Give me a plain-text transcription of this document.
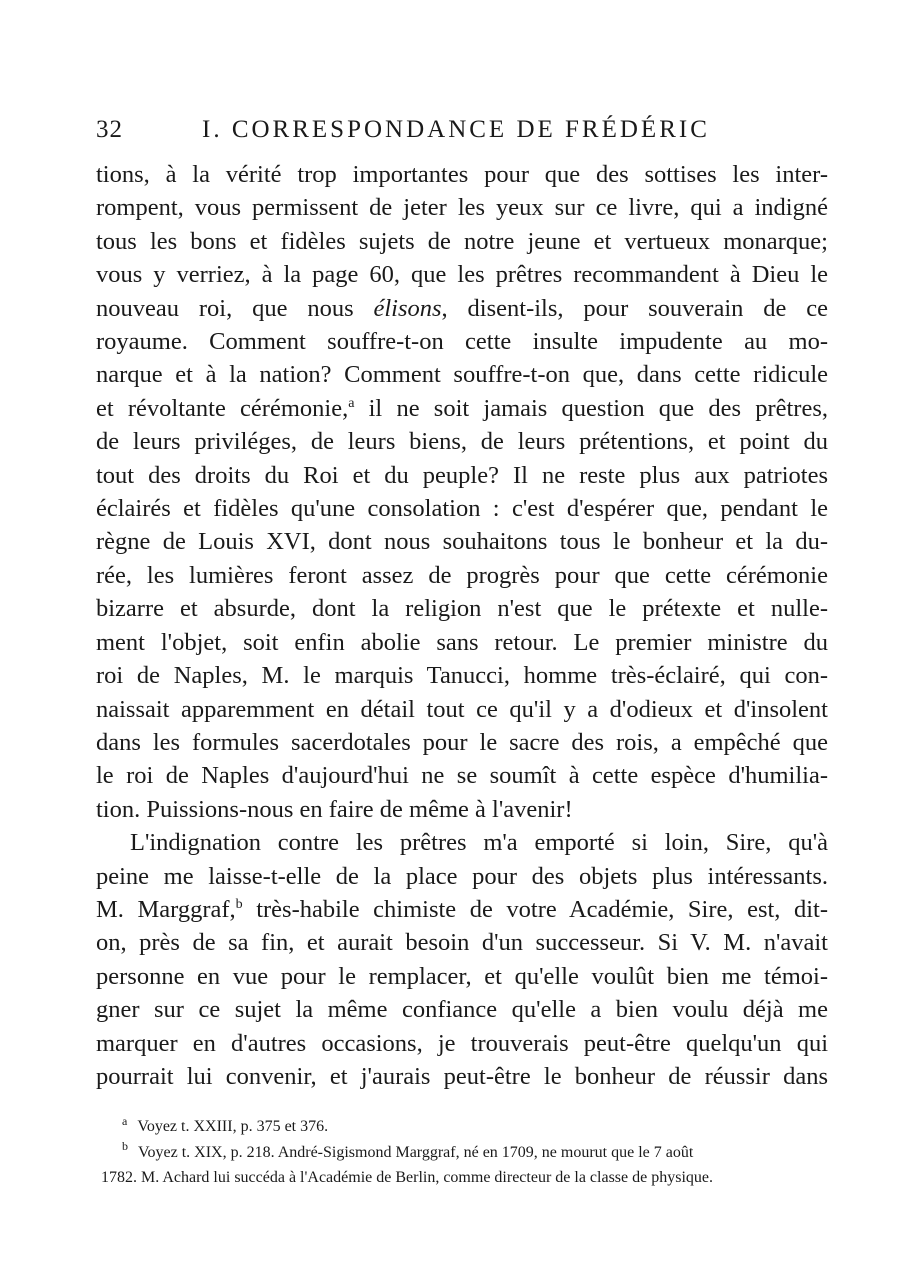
32	I. CORRESPONDANCE DE FRÉDÉRIC

tions, à la vérité trop importantes pour que des sottises les inter-
rompent, vous permissent de jeter les yeux sur ce livre, qui a indigné
tous les bons et fidèles sujets de notre jeune et vertueux monarque;
vous y verriez, à la page 60, que les prêtres recommandent à Dieu le
nouveau roi, que nous élisons, disent-ils, pour souverain de ce
royaume. Comment souffre-t-on cette insulte impudente au mo-
narque et à la nation? Comment souffre-t-on que, dans cette ridicule
et révoltante cérémonie,$^a$ il ne soit jamais question que des prêtres,
de leurs priviléges, de leurs biens, de leurs prétentions, et point du
tout des droits du Roi et du peuple? Il ne reste plus aux patriotes
éclairés et fidèles qu'une consolation : c'est d'espérer que, pendant le
règne de Louis XVI, dont nous souhaitons tous le bonheur et la du-
rée, les lumières feront assez de progrès pour que cette cérémonie
bizarre et absurde, dont la religion n'est que le prétexte et nulle-
ment l'objet, soit enfin abolie sans retour. Le premier ministre du
roi de Naples, M. le marquis Tanucci, homme très-éclairé, qui con-
naissait apparemment en détail tout ce qu'il y a d'odieux et d'insolent
dans les formules sacerdotales pour le sacre des rois, a empêché que
le roi de Naples d'aujourd'hui ne se soumît à cette espèce d'humilia-
tion. Puissions-nous en faire de même à l'avenir!

L'indignation contre les prêtres m'a emporté si loin, Sire, qu'à
peine me laisse-t-elle de la place pour des objets plus intéressants.
M. Marggraf,$^b$ très-habile chimiste de votre Académie, Sire, est, dit-
on, près de sa fin, et aurait besoin d'un successeur. Si V. M. n'avait
personne en vue pour le remplacer, et qu'elle voulût bien me témoi-
gner sur ce sujet la même confiance qu'elle a bien voulu déjà me
marquer en d'autres occasions, je trouverais peut-être quelqu'un qui
pourrait lui convenir, et j'aurais peut-être le bonheur de réussir dans

$^a$ Voyez t. XXIII, p. 375 et 376.
$^b$ Voyez t. XIX, p. 218. André-Sigismond Marggraf, né en 1709, ne mourut que le 7 août
1782. M. Achard lui succéda à l'Académie de Berlin, comme directeur de la classe de physique.
